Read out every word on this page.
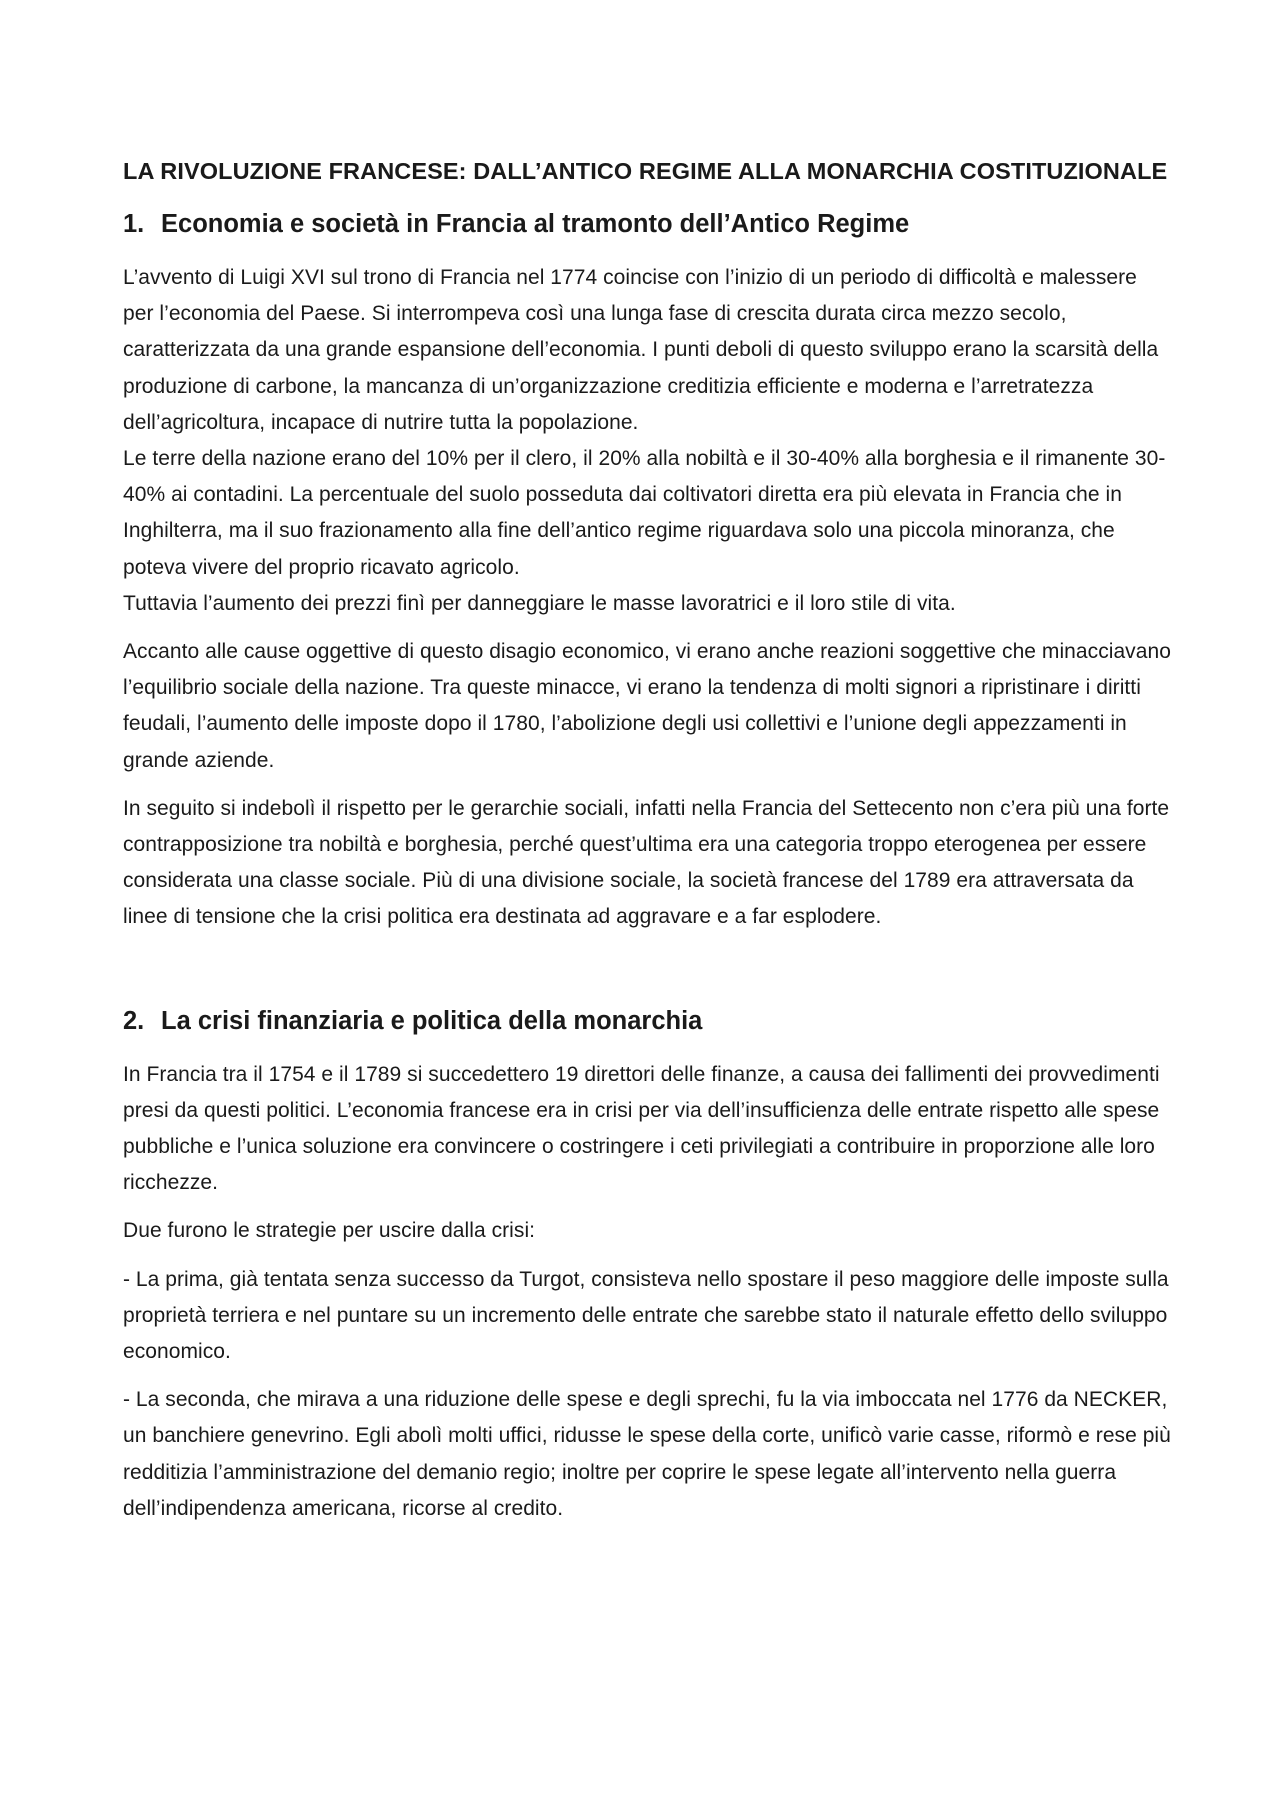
LA RIVOLUZIONE FRANCESE: DALL’ANTICO REGIME ALLA MONARCHIA COSTITUZIONALE
1. Economia e società in Francia al tramonto dell’Antico Regime

L’avvento di Luigi XVI sul trono di Francia nel 1774 coincise con l’inizio di un periodo di difficoltà e malessere per l’economia del Paese. Si interrompeva così una lunga fase di crescita durata circa mezzo secolo, caratterizzata da una grande espansione dell’economia. I punti deboli di questo sviluppo erano la scarsità della produzione di carbone, la mancanza di un’organizzazione creditizia efficiente e moderna e l’arretratezza dell’agricoltura, incapace di nutrire tutta la popolazione.
Le terre della nazione erano del 10% per il clero, il 20% alla nobiltà e il 30-40% alla borghesia e il rimanente 30-40% ai contadini. La percentuale del suolo posseduta dai coltivatori diretta era più elevata in Francia che in Inghilterra, ma il suo frazionamento alla fine dell’antico regime riguardava solo una piccola minoranza, che poteva vivere del proprio ricavato agricolo.
Tuttavia l’aumento dei prezzi finì per danneggiare le masse lavoratrici e il loro stile di vita.

Accanto alle cause oggettive di questo disagio economico, vi erano anche reazioni soggettive che minacciavano l’equilibrio sociale della nazione. Tra queste minacce, vi erano la tendenza di molti signori a ripristinare i diritti feudali, l’aumento delle imposte dopo il 1780, l’abolizione degli usi collettivi e l’unione degli appezzamenti in grande aziende.

In seguito si indebolì il rispetto per le gerarchie sociali, infatti nella Francia del Settecento non c’era più una forte contrapposizione tra nobiltà e borghesia, perché quest’ultima era una categoria troppo eterogenea per essere considerata una classe sociale. Più di una divisione sociale, la società francese del 1789 era attraversata da linee di tensione che la crisi politica era destinata ad aggravare e a far esplodere.

2. La crisi finanziaria e politica della monarchia

In Francia tra il 1754 e il 1789 si succedettero 19 direttori delle finanze, a causa dei fallimenti dei provvedimenti presi da questi politici. L’economia francese era in crisi per via dell’insufficienza delle entrate rispetto alle spese pubbliche e l’unica soluzione era convincere o costringere i ceti privilegiati a contribuire in proporzione alle loro ricchezze.

Due furono le strategie per uscire dalla crisi:

- La prima, già tentata senza successo da Turgot, consisteva nello spostare il peso maggiore delle imposte sulla proprietà terriera e nel puntare su un incremento delle entrate che sarebbe stato il naturale effetto dello sviluppo economico.

- La seconda, che mirava a una riduzione delle spese e degli sprechi, fu la via imboccata nel 1776 da NECKER, un banchiere genevrino. Egli abolì molti uffici, ridusse le spese della corte, unificò varie casse, riformò e rese più redditizia l’amministrazione del demanio regio; inoltre per coprire le spese legate all’intervento nella guerra dell’indipendenza americana, ricorse al credito.
